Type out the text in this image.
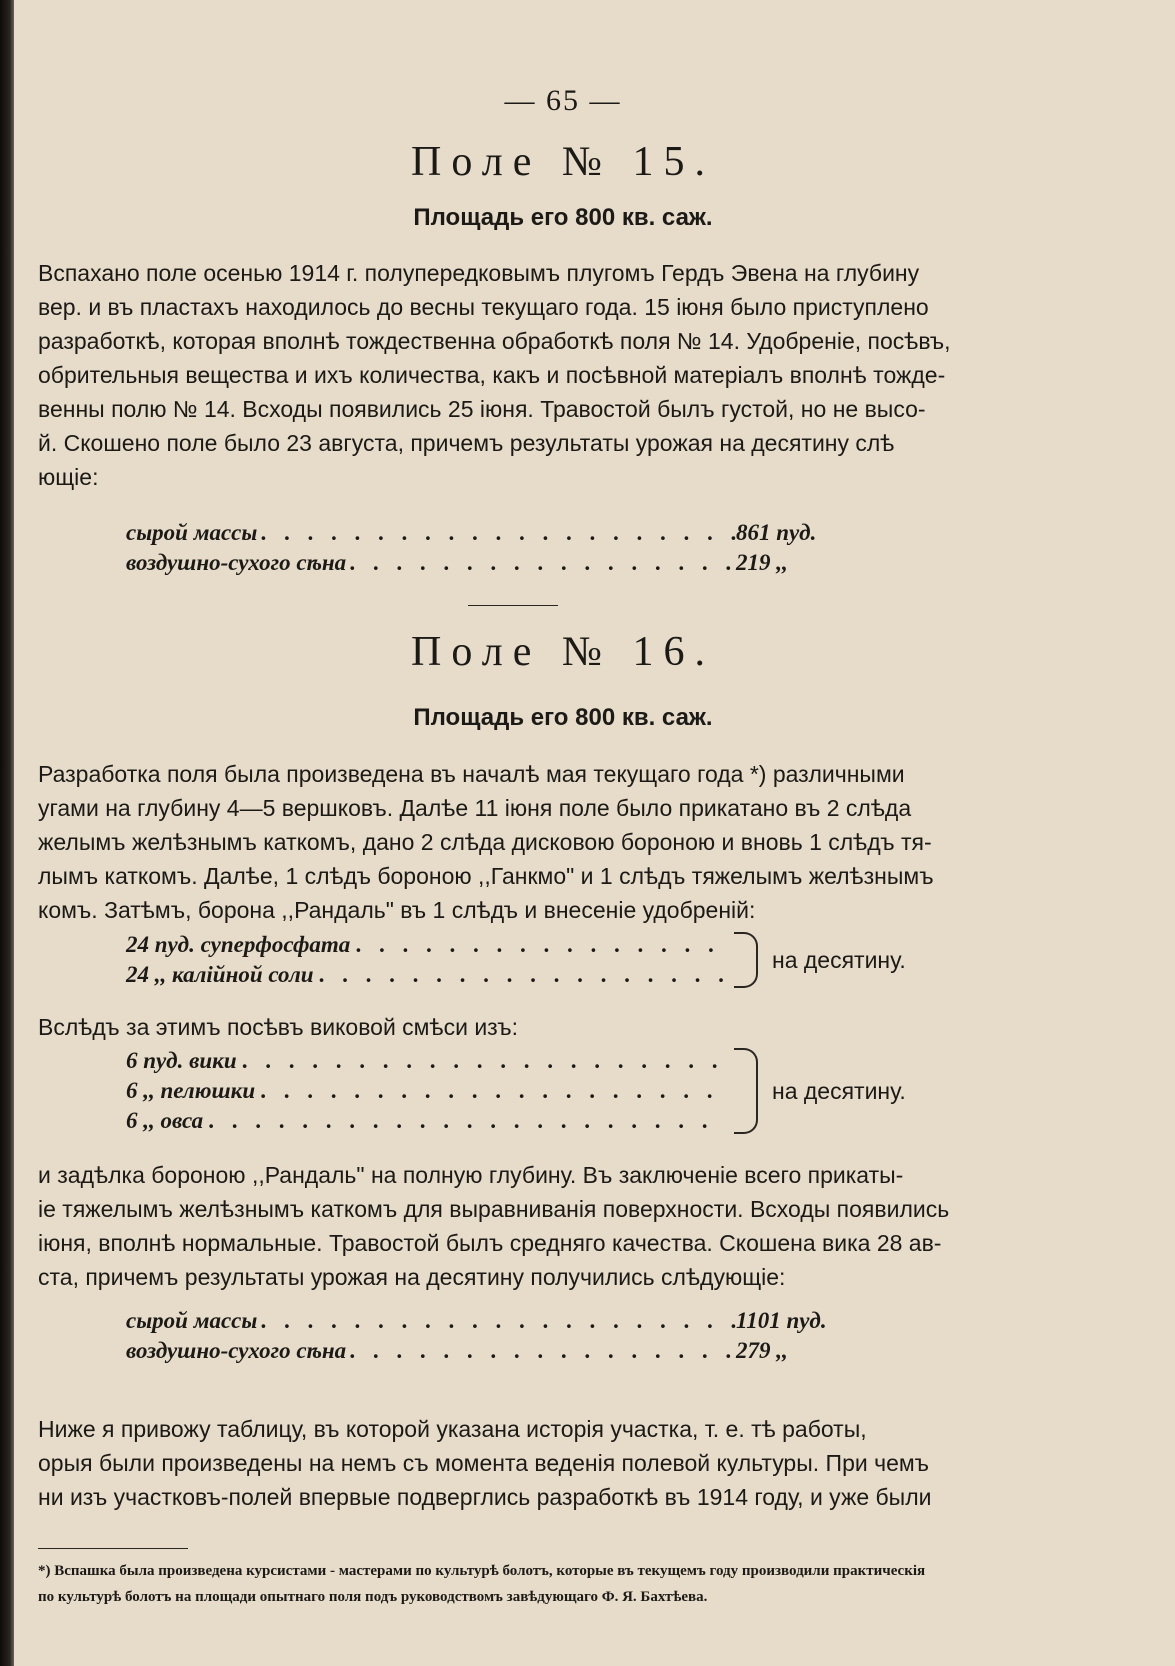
— 65 —
Поле № 15.
Площадь его 800 кв. саж.

Вспахано поле осенью 1914 г. полупередковымъ плугомъ Гердъ Эвена на глубину

вер. и въ пластахъ находилось до весны текущаго года. 15 іюня было приступлено

разработкѣ, которая вполнѣ тождественна обработкѣ поля № 14. Удобреніе, посѣвъ,

обрительныя вещества и ихъ количества, какъ и посѣвной матеріалъ вполнѣ тожде-

венны полю № 14. Всходы появились 25 іюня. Травостой былъ густой, но не высо-

й. Скошено поле было 23 августа, причемъ результаты урожая на десятину слѣ

ющіе:

сырой массы . . .	861 пуд.
воздушно-сухого сѣна . . .	219 ,,
Поле № 16.
Площадь его 800 кв. саж.

Разработка поля была произведена въ началѣ мая текущаго года *) различными

угами на глубину 4—5 вершковъ. Далѣе 11 іюня поле было прикатано въ 2 слѣда

желымъ желѣзнымъ каткомъ, дано 2 слѣда дисковою бороною и вновь 1 слѣдъ тя-

лымъ каткомъ. Далѣе, 1 слѣдъ бороною ,,Ганкмо" и 1 слѣдъ тяжелымъ желѣзнымъ

комъ. Затѣмъ, борона ,,Рандаль" въ 1 слѣдъ и внесеніе удобреній:

24 пуд. суперфосфата
. . .
24 ,, калійной соли
. . .
на десятину.

Вслѣдъ за этимъ посѣвъ виковой смѣси изъ:

6 пуд. вики
. . .
6 ,, пелюшки
. . .
6 ,, овса
. . .
на десятину.

и задѣлка бороною ,,Рандаль" на полную глубину. Въ заключеніе всего прикаты-

іе тяжелымъ желѣзнымъ каткомъ для выравниванія поверхности. Всходы появились

іюня, вполнѣ нормальные. Травостой былъ средняго качества. Скошена вика 28 ав-

ста, причемъ результаты урожая на десятину получились слѣдующіе:

сырой массы . . .	1101 пуд.
воздушно-сухого сѣна . . .	279 ,,

Ниже я привожу таблицу, въ которой указана исторія участка, т. е. тѣ работы,

орыя были произведены на немъ съ момента веденія полевой культуры. При чемъ

ни изъ участковъ-полей впервые подверглись разработкѣ въ 1914 году, и уже были

*) Вспашка была произведена курсистами - мастерами по культурѣ болотъ, которые въ текущемъ году производили практическія

по культурѣ болотъ на площади опытнаго поля подъ руководствомъ завѣдующаго Ф. Я. Бахтѣева.
